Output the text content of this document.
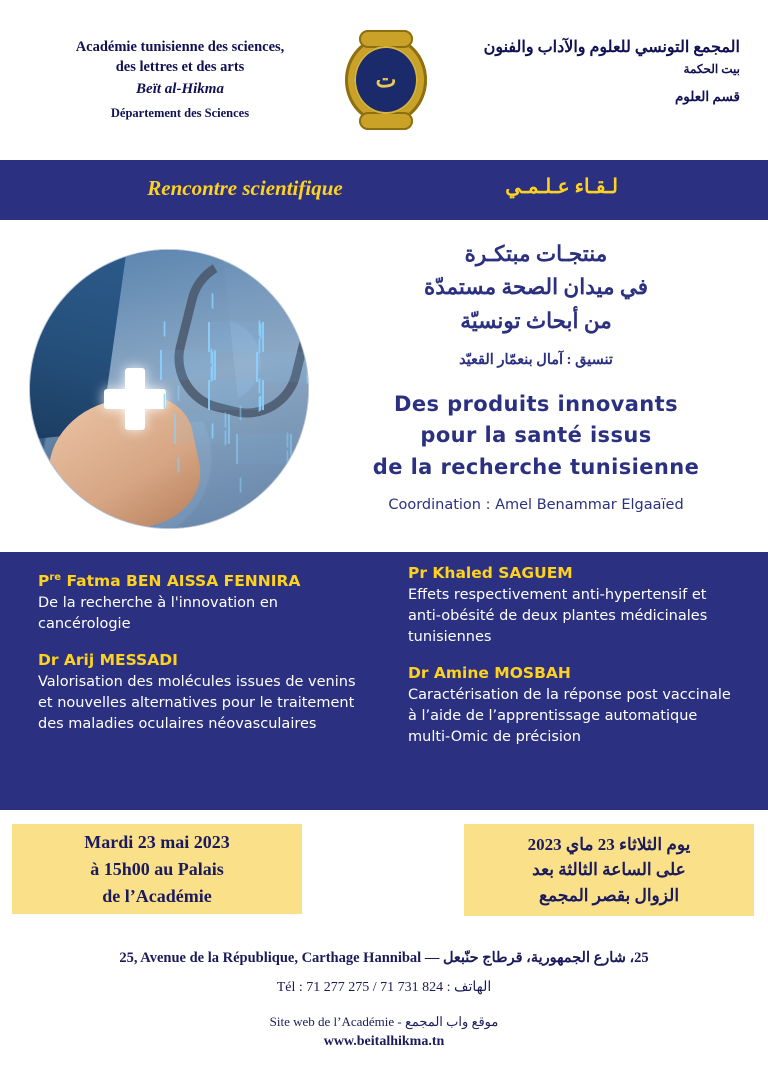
Académie tunisienne des sciences,
des lettres et des arts
Beït al-Hikma
Département des Sciences
ت
المجمع التونسي للعلوم والآداب والفنون
بيت الحكمة
قسم العلوم
Rencontre scientifique	لـقـاء عـلـمـي
منتجـات مبتكـرة
في ميدان الصحة مستمدّة
من أبحاث تونسيّة
تنسيق : آمال بنعمّار القعيّد
Des produits innovants
pour la santé issus
de la recherche tunisienne
Coordination : Amel Benammar Elgaaïed
$P^{re}$ Fatma BEN AISSA FENNIRA
De la recherche à l'innovation en cancérologie
Dr Arij MESSADI
Valorisation des molécules issues de venins et nouvelles alternatives pour le traitement des maladies oculaires néovasculaires
Pr Khaled SAGUEM
Effets respectivement anti-hypertensif et anti-obésité de deux plantes médicinales tunisiennes
Dr Amine MOSBAH
Caractérisation de la réponse post vaccinale à l’aide de l’apprentissage automatique multi-Omic de précision
Mardi 23 mai 2023
à 15h00 au Palais
de l’Académie
يوم الثلاثاء 23 ماي 2023
على الساعة الثالثة بعد
الزوال بقصر المجمع
25, Avenue de la République, Carthage Hannibal — 25، شارع الجمهورية، قرطاج حنّبعل
Tél : 71 277 275 / 71 731 824 الهاتف :
Site web de l’Académie - موقع واب المجمع
www.beitalhikma.tn
